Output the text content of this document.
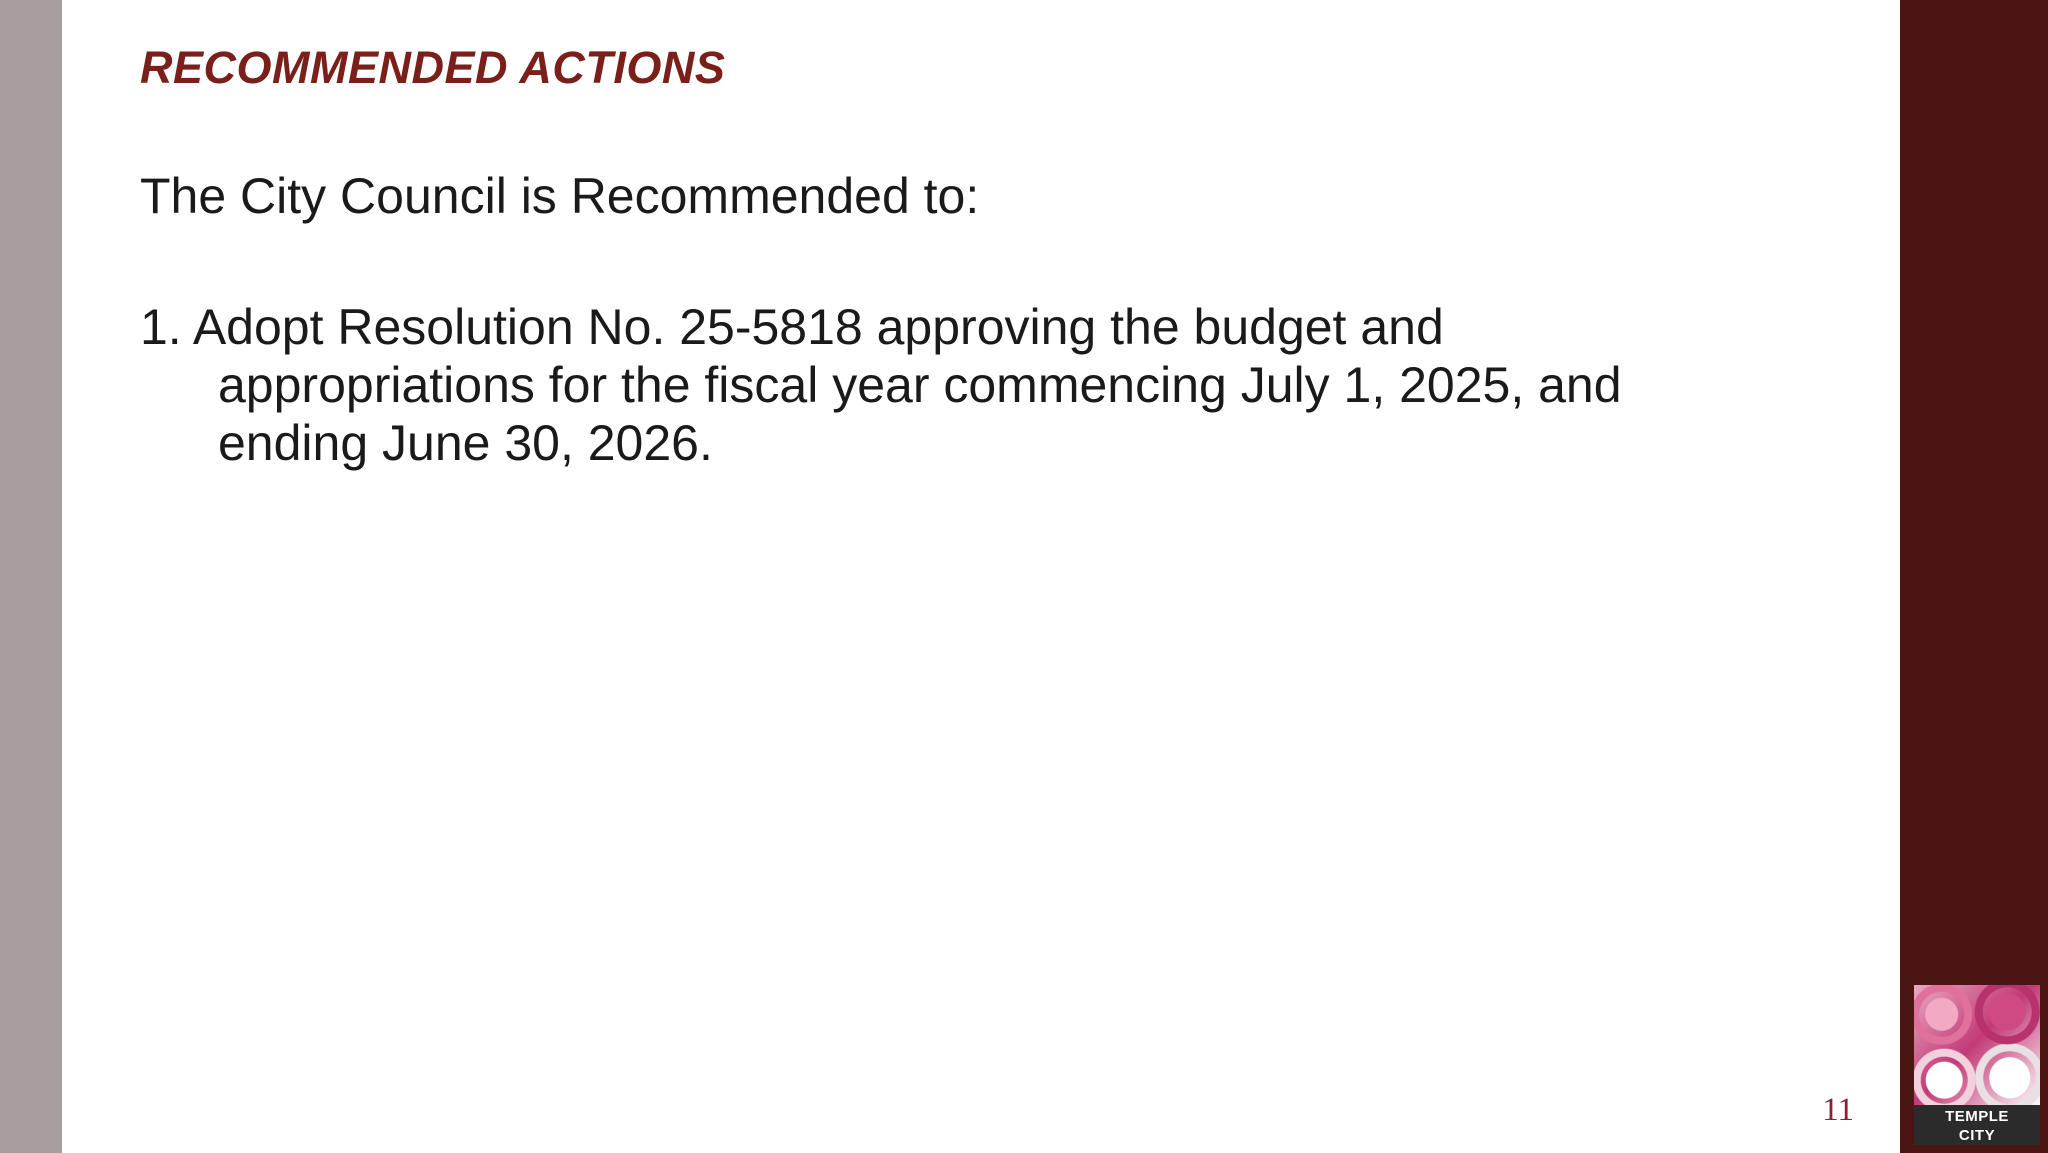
RECOMMENDED ACTIONS

The City Council is Recommended to:

1. Adopt Resolution No. 25-5818 approving the budget and appropriations for the fiscal year commencing July 1, 2025, and ending June 30, 2026.

11	TEMPLE
CITY
